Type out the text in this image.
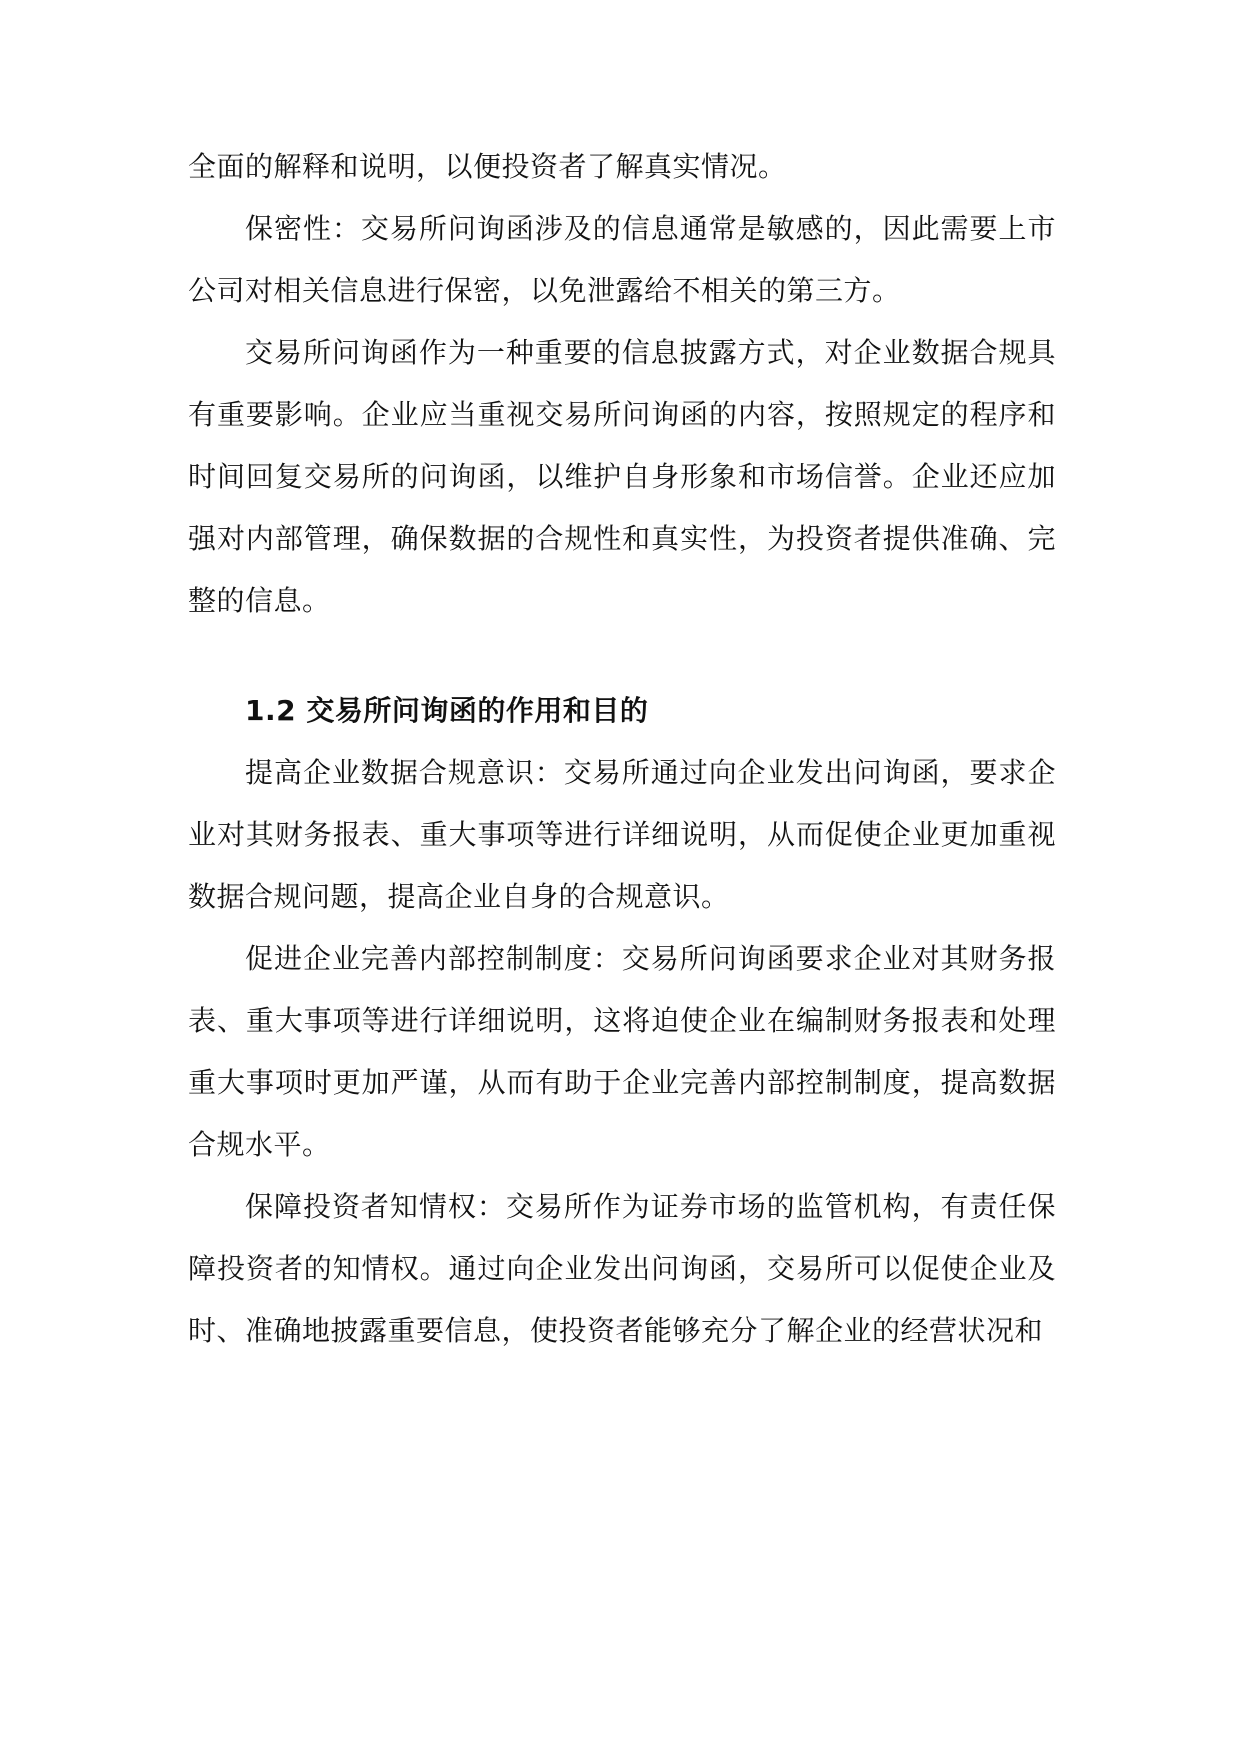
全面的解释和说明，以便投资者了解真实情况。

保密性：交易所问询函涉及的信息通常是敏感的，因此需要上市公司对相关信息进行保密，以免泄露给不相关的第三方。

交易所问询函作为一种重要的信息披露方式，对企业数据合规具有重要影响。企业应当重视交易所问询函的内容，按照规定的程序和时间回复交易所的问询函，以维护自身形象和市场信誉。企业还应加强对内部管理，确保数据的合规性和真实性，为投资者提供准确、完整的信息。

1.2 交易所问询函的作用和目的

提高企业数据合规意识：交易所通过向企业发出问询函，要求企业对其财务报表、重大事项等进行详细说明，从而促使企业更加重视数据合规问题，提高企业自身的合规意识。

促进企业完善内部控制制度：交易所问询函要求企业对其财务报表、重大事项等进行详细说明，这将迫使企业在编制财务报表和处理重大事项时更加严谨，从而有助于企业完善内部控制制度，提高数据合规水平。

保障投资者知情权：交易所作为证券市场的监管机构，有责任保障投资者的知情权。通过向企业发出问询函，交易所可以促使企业及时、准确地披露重要信息，使投资者能够充分了解企业的经营状况和
